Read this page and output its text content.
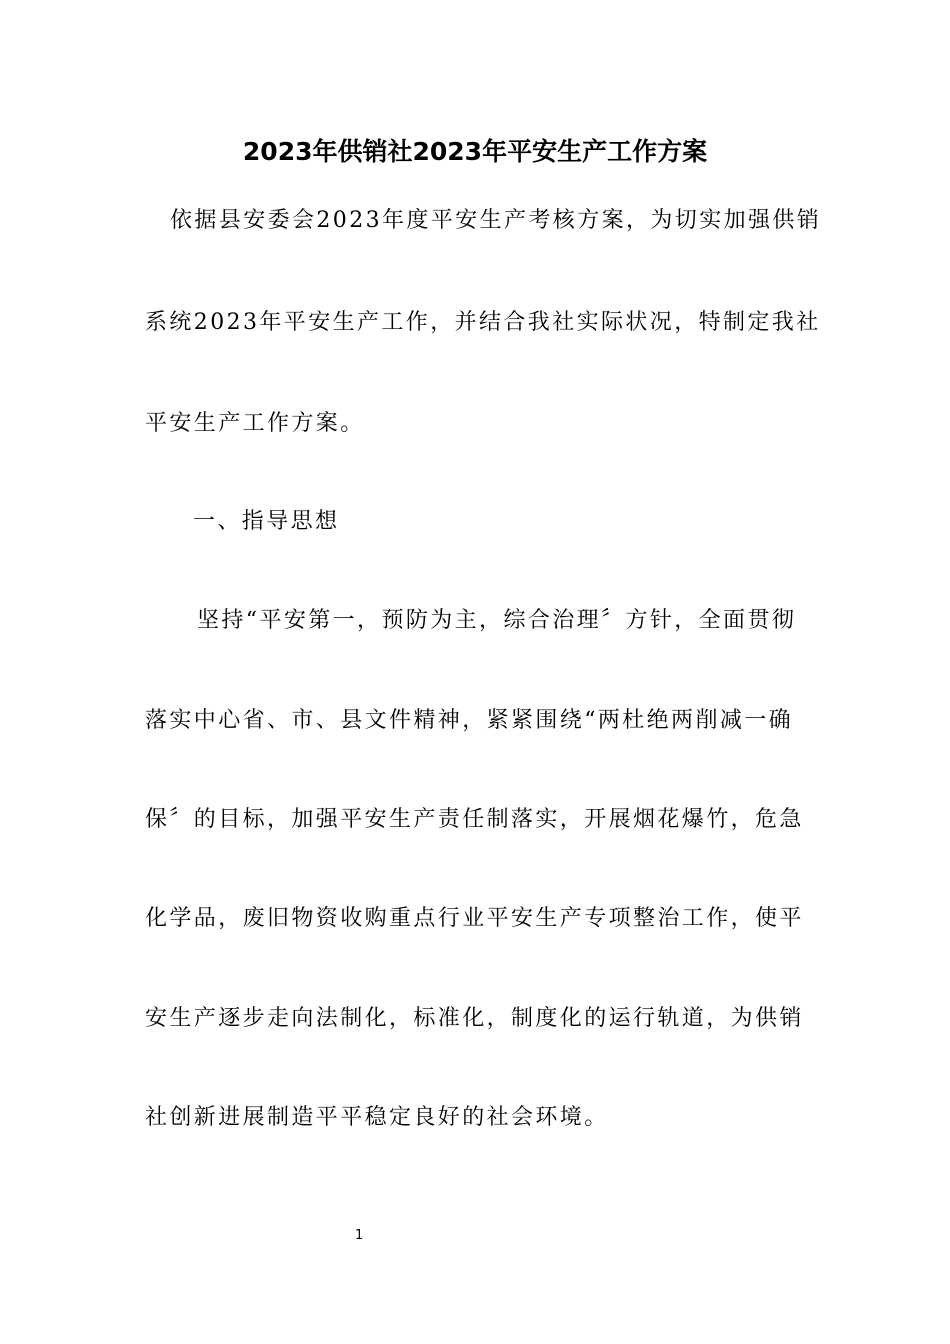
2023年供销社2023年平安生产工作方案

依据县安委会2023年度平安生产考核方案，为切实加强供销

系统2023年平安生产工作，并结合我社实际状况，特制定我社

平安生产工作方案。

一、指导思想

坚持“平安第一，预防为主，综合治理〞方针，全面贯彻

落实中心省、市、县文件精神，紧紧围绕“两杜绝两削减一确

保〞的目标，加强平安生产责任制落实，开展烟花爆竹，危急

化学品，废旧物资收购重点行业平安生产专项整治工作，使平

安生产逐步走向法制化，标准化，制度化的运行轨道，为供销

社创新进展制造平平稳定良好的社会环境。

1
